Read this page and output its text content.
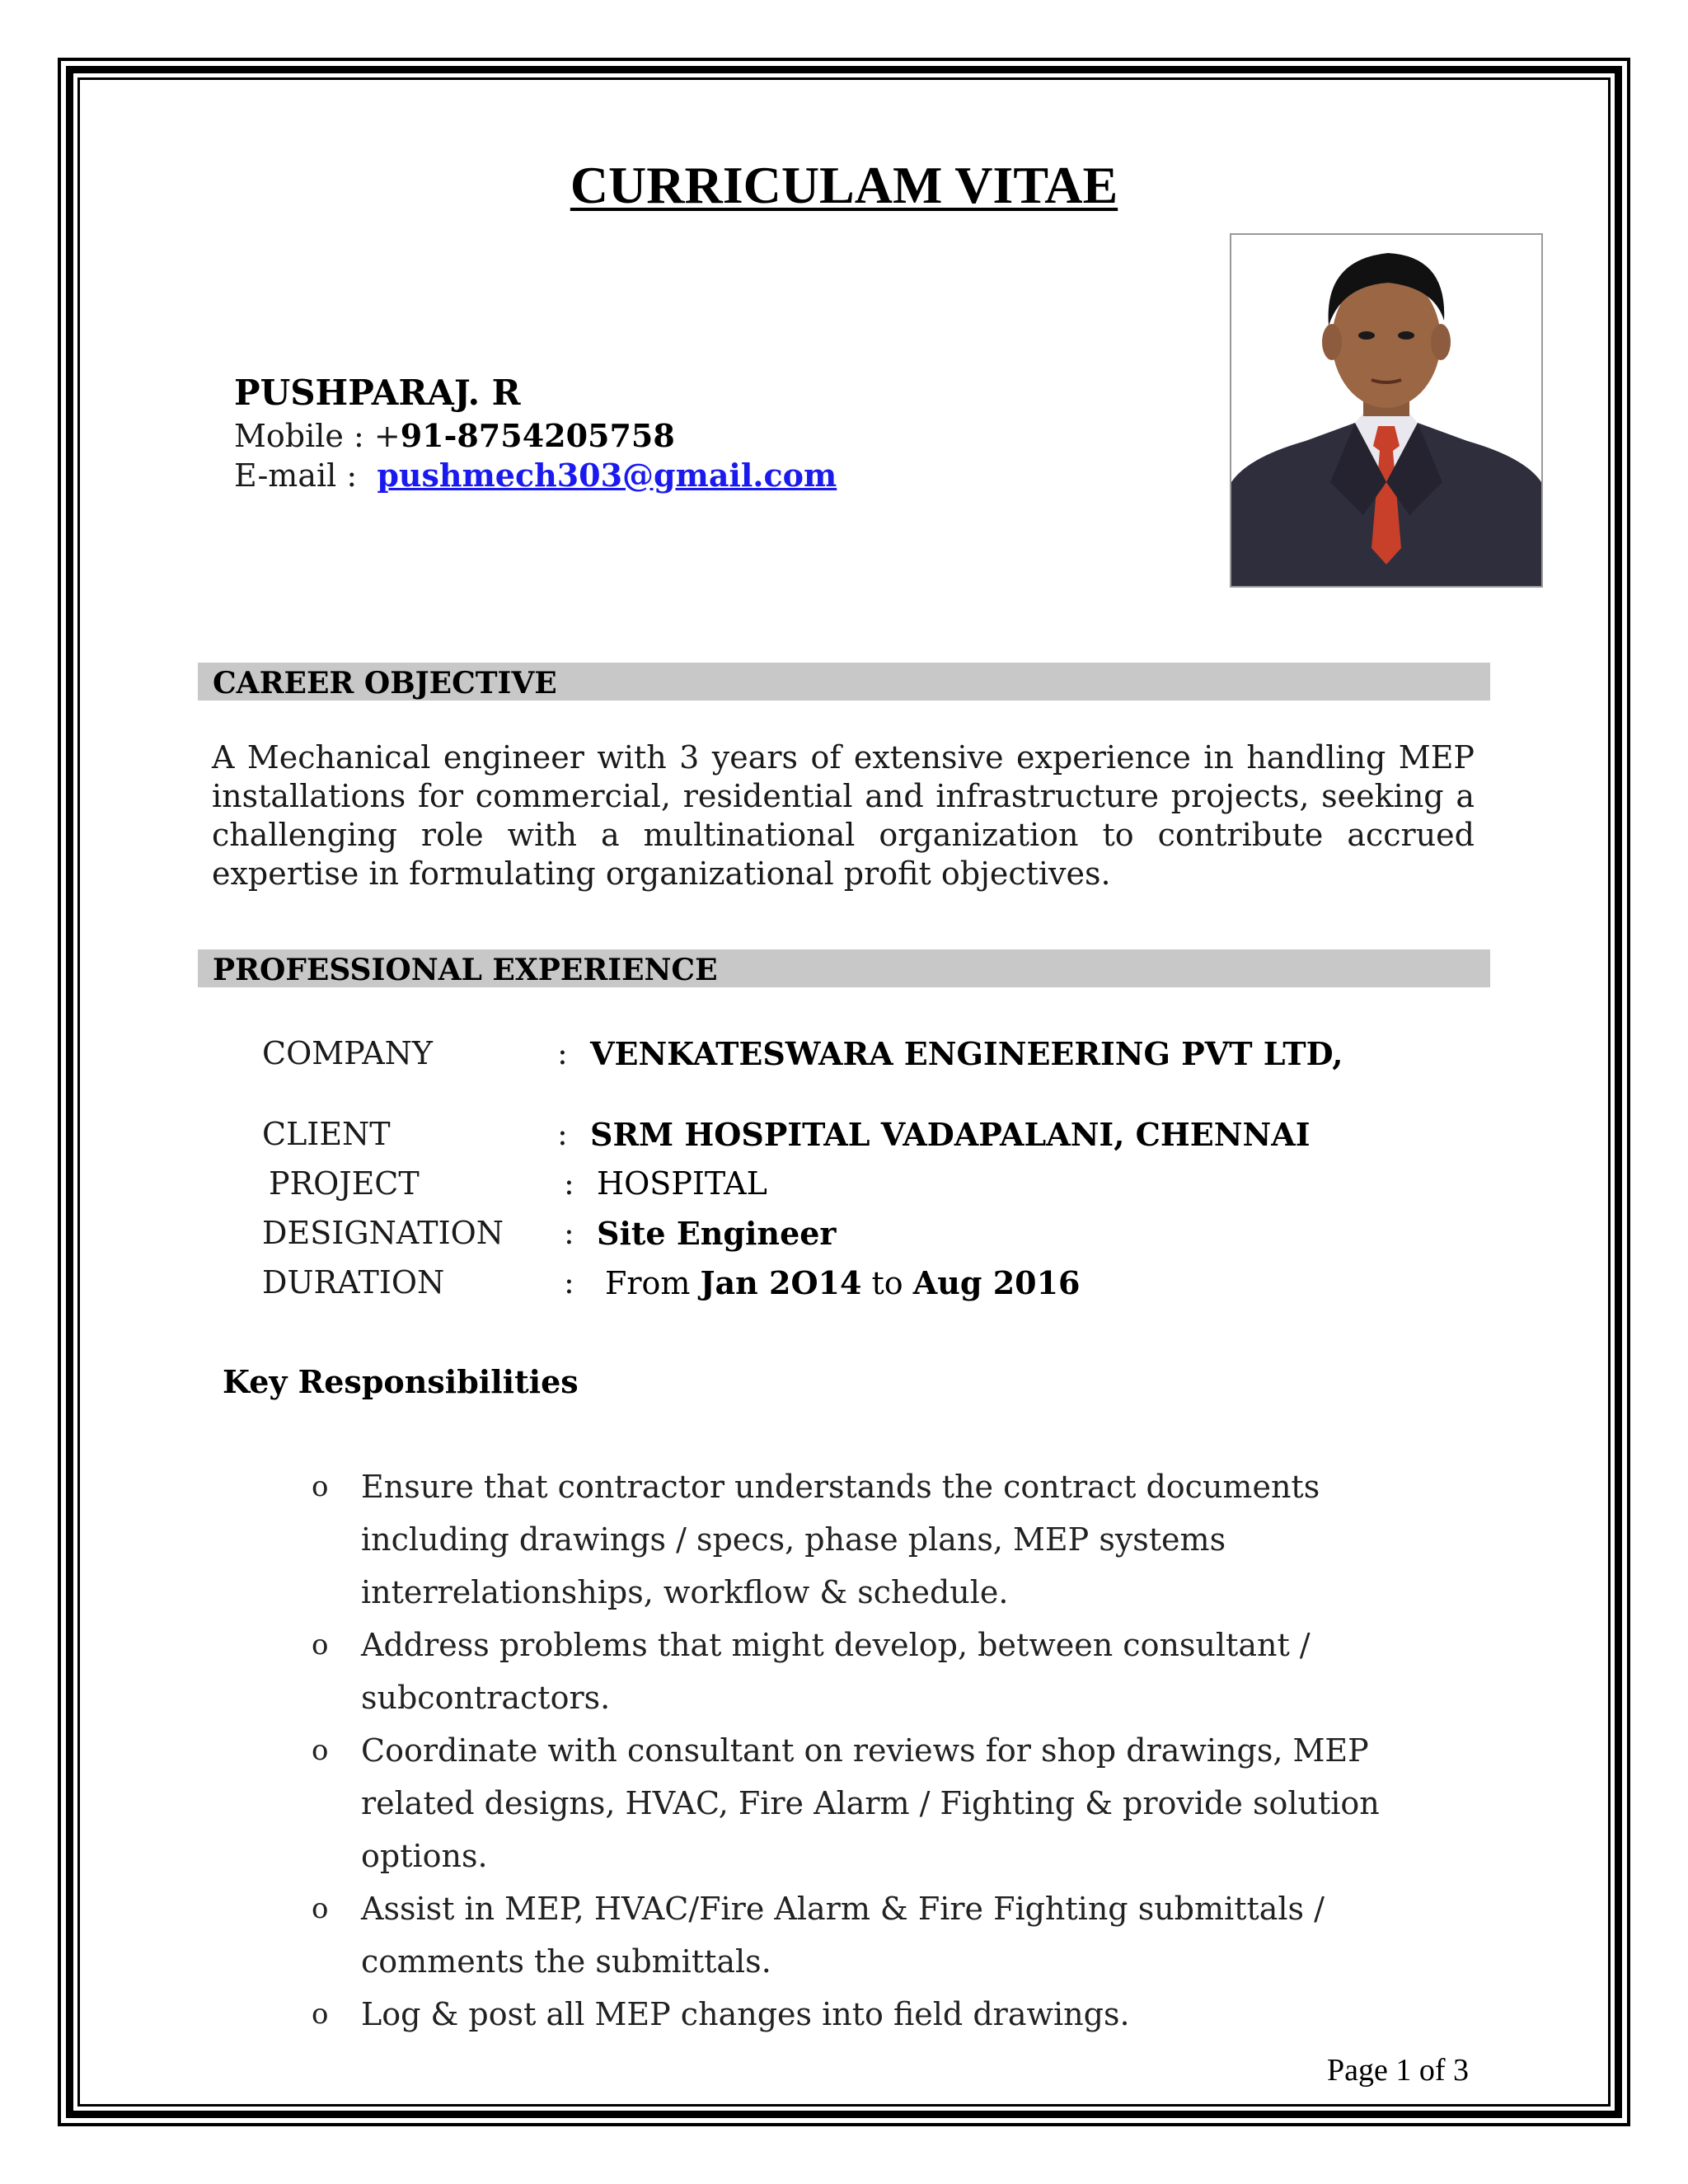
CURRICULAM VITAE
PUSHPARAJ. R
Mobile : +91-8754205758
E-mail : pushmech303@gmail.com
CAREER OBJECTIVE
A Mechanical engineer with 3 years of extensive experience in handling MEP installations for commercial, residential and infrastructure projects, seeking a challenging role with a multinational organization to contribute accrued expertise in formulating organizational profit objectives.
PROFESSIONAL EXPERIENCE
COMPANY	: VENKATESWARA ENGINEERING PVT LTD,
CLIENT	: SRM HOSPITAL VADAPALANI, CHENNAI
PROJECT	: HOSPITAL
DESIGNATION : Site Engineer
DURATION	: From Jan 2O14 to Aug 2016
Key Responsibilities
o Ensure that contractor understands the contract documents including drawings / specs, phase plans, MEP systems interrelationships, workflow & schedule.
o Address problems that might develop, between consultant / subcontractors.
o Coordinate with consultant on reviews for shop drawings, MEP related designs, HVAC, Fire Alarm / Fighting & provide solution options.
o Assist in MEP, HVAC/Fire Alarm & Fire Fighting submittals / comments the submittals.
o Log & post all MEP changes into field drawings.
Page 1 of 3
